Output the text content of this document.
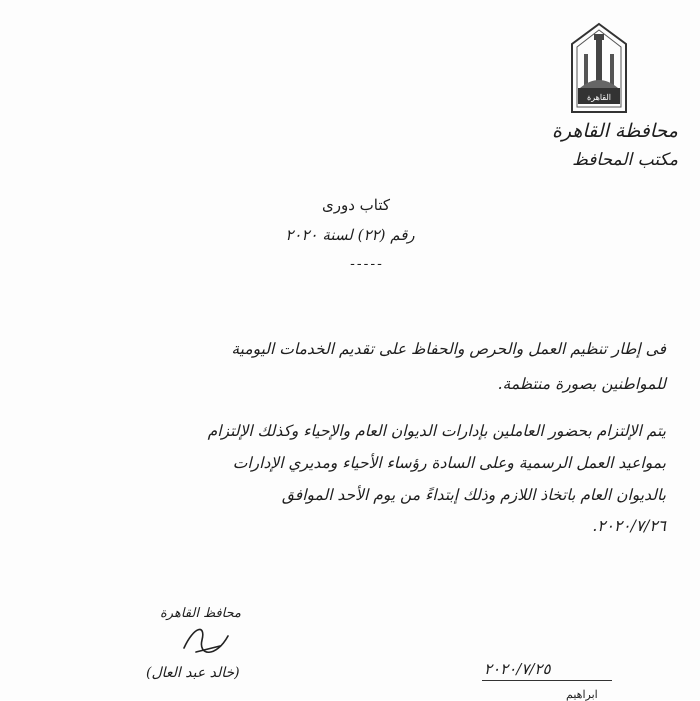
القاهرة
محافظة القاهرة
مكتب المحافظ
كتاب دورى
رقم (٢٢) لسنة ٢٠٢٠
-----
فى إطار تنظيم العمل والحرص والحفاظ على تقديم الخدمات اليومية
للمواطنين بصورة منتظمة.
يتم الإلتزام بحضور العاملين بإدارات الديوان العام والإحياء وكذلك الإلتزام
بمواعيد العمل الرسمية وعلى السادة رؤساء الأحياء ومديري الإدارات
بالديوان العام باتخاذ اللازم وذلك إبتداءً من يوم الأحد الموافق
٢٠٢٠/٧/٢٦.
محافظ القاهرة
(خالد عبد العال)	٢٠٢٠/٧/٢٥
ابراهيم
